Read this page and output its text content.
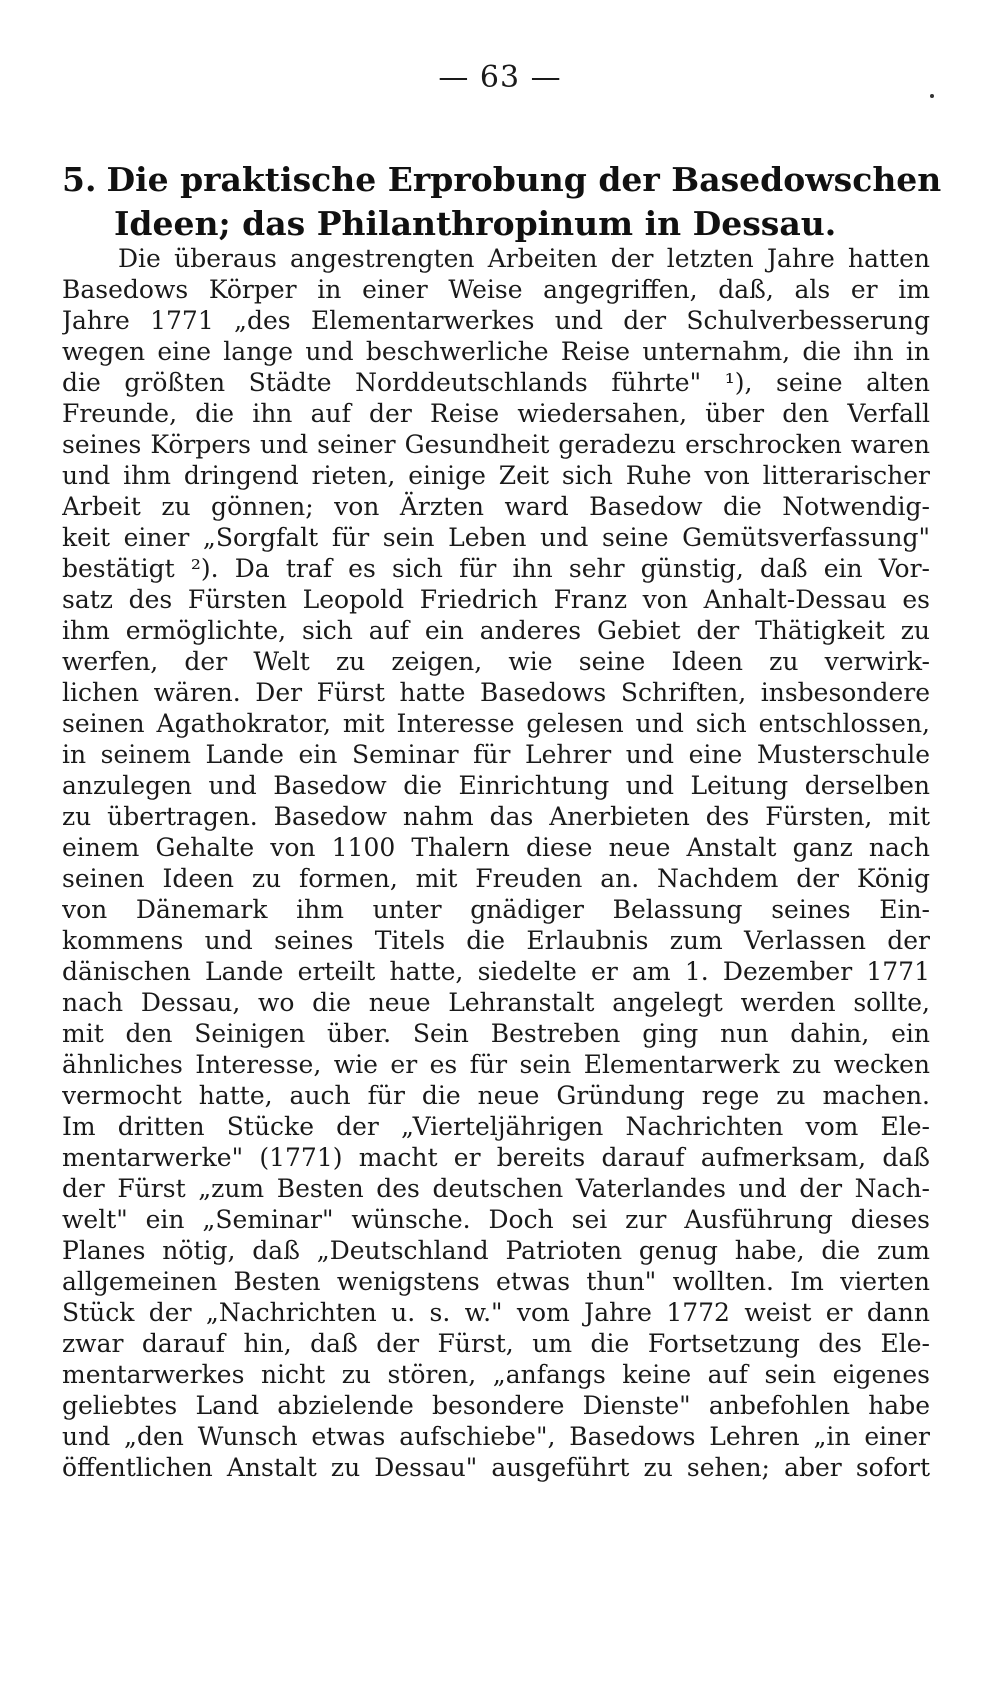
— 63 —
5. Die praktische Erprobung der Basedowschen
Ideen; das Philanthropinum in Dessau.
Die überaus angestrengten Arbeiten der letzten Jahre hatten
Basedows Körper in einer Weise angegriffen, daß, als er im
Jahre 1771 „des Elementarwerkes und der Schulverbesserung
wegen eine lange und beschwerliche Reise unternahm, die ihn in
die größten Städte Norddeutschlands führte" ¹), seine alten
Freunde, die ihn auf der Reise wiedersahen, über den Verfall
seines Körpers und seiner Gesundheit geradezu erschrocken waren
und ihm dringend rieten, einige Zeit sich Ruhe von litterarischer
Arbeit zu gönnen; von Ärzten ward Basedow die Notwendig-
keit einer „Sorgfalt für sein Leben und seine Gemütsverfassung"
bestätigt ²). Da traf es sich für ihn sehr günstig, daß ein Vor-
satz des Fürsten Leopold Friedrich Franz von Anhalt-Dessau es
ihm ermöglichte, sich auf ein anderes Gebiet der Thätigkeit zu
werfen, der Welt zu zeigen, wie seine Ideen zu verwirk-
lichen wären. Der Fürst hatte Basedows Schriften, insbesondere
seinen Agathokrator, mit Interesse gelesen und sich entschlossen,
in seinem Lande ein Seminar für Lehrer und eine Musterschule
anzulegen und Basedow die Einrichtung und Leitung derselben
zu übertragen. Basedow nahm das Anerbieten des Fürsten, mit
einem Gehalte von 1100 Thalern diese neue Anstalt ganz nach
seinen Ideen zu formen, mit Freuden an. Nachdem der König
von Dänemark ihm unter gnädiger Belassung seines Ein-
kommens und seines Titels die Erlaubnis zum Verlassen der
dänischen Lande erteilt hatte, siedelte er am 1. Dezember 1771
nach Dessau, wo die neue Lehranstalt angelegt werden sollte,
mit den Seinigen über. Sein Bestreben ging nun dahin, ein
ähnliches Interesse, wie er es für sein Elementarwerk zu wecken
vermocht hatte, auch für die neue Gründung rege zu machen.
Im dritten Stücke der „Vierteljährigen Nachrichten vom Ele-
mentarwerke" (1771) macht er bereits darauf aufmerksam, daß
der Fürst „zum Besten des deutschen Vaterlandes und der Nach-
welt" ein „Seminar" wünsche. Doch sei zur Ausführung dieses
Planes nötig, daß „Deutschland Patrioten genug habe, die zum
allgemeinen Besten wenigstens etwas thun" wollten. Im vierten
Stück der „Nachrichten u. s. w." vom Jahre 1772 weist er dann
zwar darauf hin, daß der Fürst, um die Fortsetzung des Ele-
mentarwerkes nicht zu stören, „anfangs keine auf sein eigenes
geliebtes Land abzielende besondere Dienste" anbefohlen habe
und „den Wunsch etwas aufschiebe", Basedows Lehren „in einer
öffentlichen Anstalt zu Dessau" ausgeführt zu sehen; aber sofort
